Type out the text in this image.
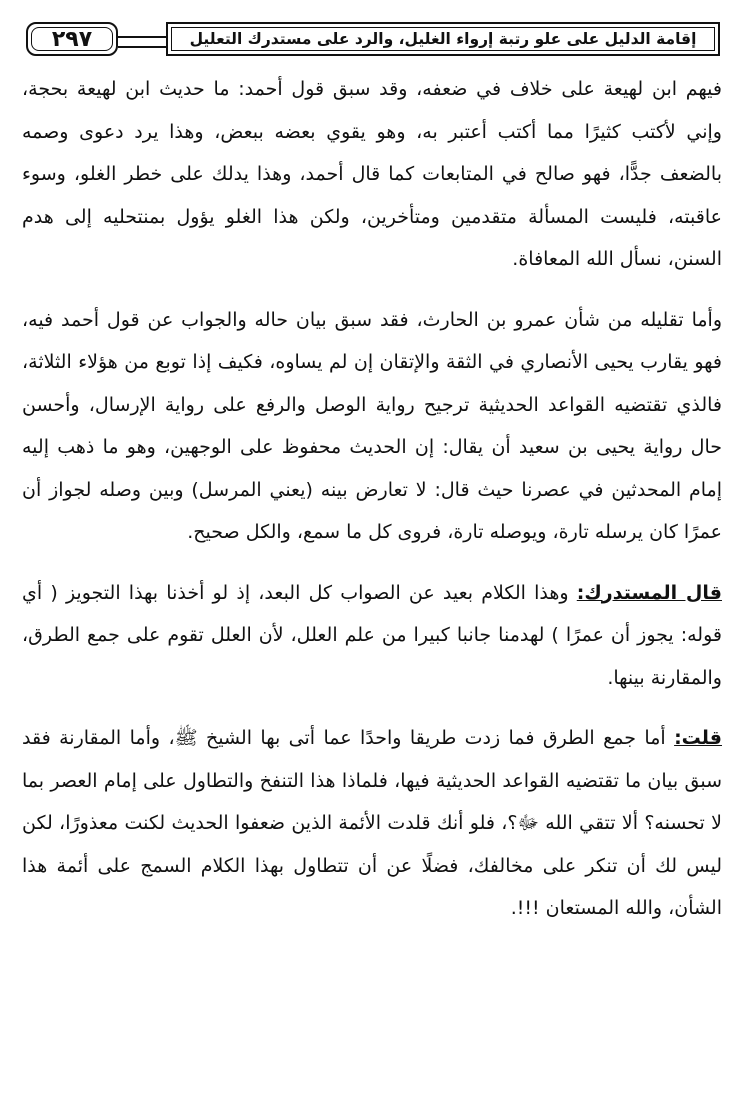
٢٩٧	إقامة الدليل على علو رتبة إرواء الغليل، والرد على مستدرك التعليل

فيهم ابن لهيعة على خلاف في ضعفه، وقد سبق قول أحمد: ما حديث ابن لهيعة بحجة، وإني لأكتب كثيرًا مما أكتب أعتبر به، وهو يقوي بعضه ببعض، وهذا يرد دعوى وصمه بالضعف جدًّا، فهو صالح في المتابعات كما قال أحمد، وهذا يدلك على خطر الغلو، وسوء عاقبته، فليست المسألة متقدمين ومتأخرين، ولكن هذا الغلو يؤول بمنتحليه إلى هدم السنن، نسأل الله المعافاة.

وأما تقليله من شأن عمرو بن الحارث، فقد سبق بيان حاله والجواب عن قول أحمد فيه، فهو يقارب يحيى الأنصاري في الثقة والإتقان إن لم يساوه، فكيف إذا توبع من هؤلاء الثلاثة، فالذي تقتضيه القواعد الحديثية ترجيح رواية الوصل والرفع على رواية الإرسال، وأحسن حال رواية يحيى بن سعيد أن يقال: إن الحديث محفوظ على الوجهين، وهو ما ذهب إليه إمام المحدثين في عصرنا حيث قال: لا تعارض بينه (يعني المرسل) وبين وصله لجواز أن عمرًا كان يرسله تارة، ويوصله تارة، فروى كل ما سمع، والكل صحيح.

قال المستدرك: وهذا الكلام بعيد عن الصواب كل البعد، إذ لو أخذنا بهذا التجويز ( أي قوله: يجوز أن عمرًا ) لهدمنا جانبا كبيرا من علم العلل، لأن العلل تقوم على جمع الطرق، والمقارنة بينها.

قلت: أما جمع الطرق فما زدت طريقا واحدًا عما أتى بها الشيخ ﷺ، وأما المقارنة فقد سبق بيان ما تقتضيه القواعد الحديثية فيها، فلماذا هذا التنفخ والتطاول على إمام العصر بما لا تحسنه؟ ألا تتقي الله ﷻ؟، فلو أنك قلدت الأئمة الذين ضعفوا الحديث لكنت معذورًا، لكن ليس لك أن تنكر على مخالفك، فضلًا عن أن تتطاول بهذا الكلام السمج على أئمة هذا الشأن، والله المستعان !!!.
